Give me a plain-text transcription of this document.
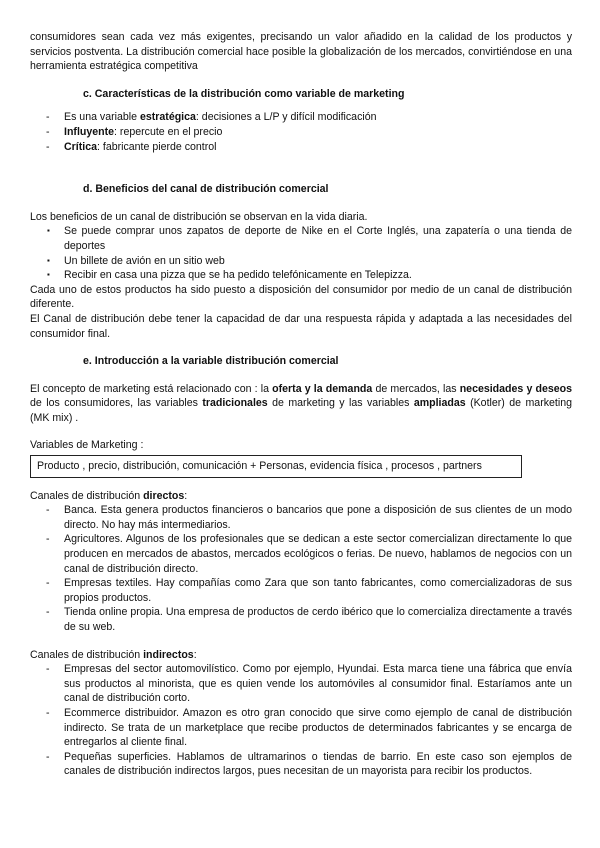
consumidores sean cada vez más exigentes, precisando un valor añadido en la calidad de los productos y servicios postventa. La distribución comercial hace posible la globalización de los mercados, convirtiéndose en una herramienta estratégica competitiva

c. Características de la distribución como variable de marketing
- Es una variable estratégica: decisiones a L/P y difícil modificación
- Influyente: repercute en el precio
- Crítica: fabricante pierde control
d. Beneficios del canal de distribución comercial

Los beneficios de un canal de distribución se observan en la vida diaria.

▪ Se puede comprar unos zapatos de deporte de Nike en el Corte Inglés, una zapatería o una tienda de deportes
▪ Un billete de avión en un sitio web
▪ Recibir en casa una pizza que se ha pedido telefónicamente en Telepizza.

Cada uno de estos productos ha sido puesto a disposición del consumidor por medio de un canal de distribución diferente.

El Canal de distribución debe tener la capacidad de dar una respuesta rápida y adaptada a las necesidades del consumidor final.

e. Introducción a la variable distribución comercial

El concepto de marketing está relacionado con : la oferta y la demanda de mercados, las necesidades y deseos de los consumidores, las variables tradicionales de marketing y las variables ampliadas (Kotler) de marketing (MK mix) .

Variables de Marketing :

Producto , precio, distribución, comunicación + Personas, evidencia física , procesos , partners

Canales de distribución directos:

- Banca. Esta genera productos financieros o bancarios que pone a disposición de sus clientes de un modo directo. No hay más intermediarios.
- Agricultores. Algunos de los profesionales que se dedican a este sector comercializan directamente lo que producen en mercados de abastos, mercados ecológicos o ferias. De nuevo, hablamos de negocios con un canal de distribución directo.
- Empresas textiles. Hay compañías como Zara que son tanto fabricantes, como comercializadoras de sus propios productos.
- Tienda online propia. Una empresa de productos de cerdo ibérico que lo comercializa directamente a través de su web.

Canales de distribución indirectos:

- Empresas del sector automovilístico. Como por ejemplo, Hyundai. Esta marca tiene una fábrica que envía sus productos al minorista, que es quien vende los automóviles al consumidor final. Estaríamos ante un canal de distribución corto.
- Ecommerce distribuidor. Amazon es otro gran conocido que sirve como ejemplo de canal de distribución indirecto. Se trata de un marketplace que recibe productos de determinados fabricantes y se encarga de entregarlos al cliente final.
- Pequeñas superficies. Hablamos de ultramarinos o tiendas de barrio. En este caso son ejemplos de canales de distribución indirectos largos, pues necesitan de un mayorista para recibir los productos.
